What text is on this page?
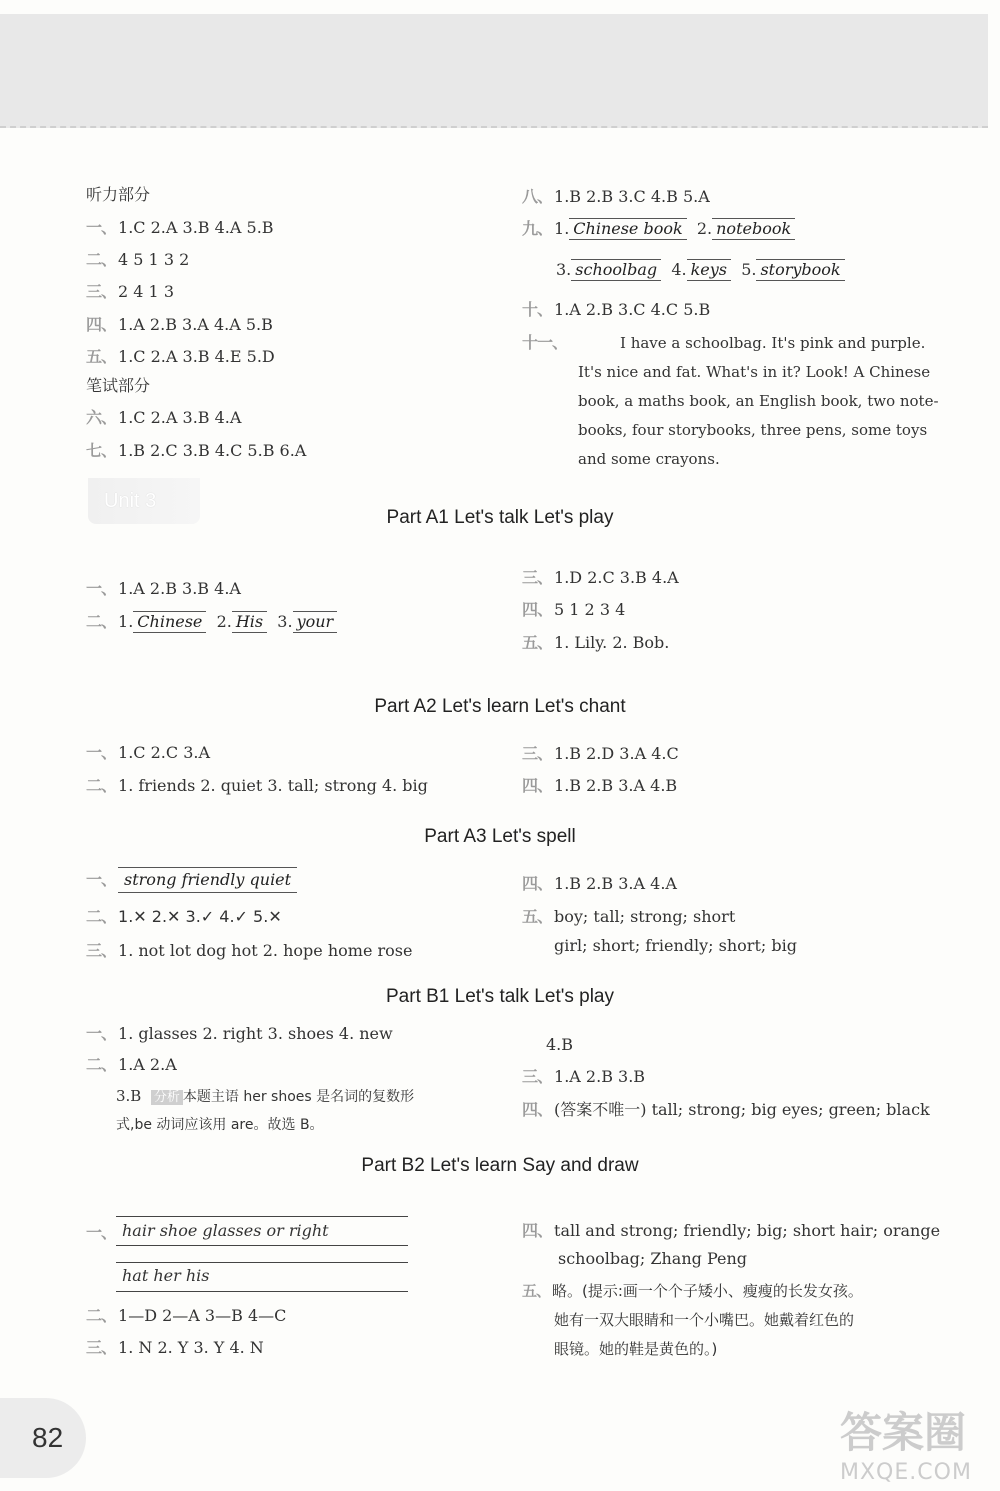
听力部分
一、 1.C 2.A 3.B 4.A 5.B
二、 4 5 1 3 2
三、 2 4 1 3
四、 1.A 2.B 3.A 4.A 5.B
五、 1.C 2.A 3.B 4.E 5.D
笔试部分
六、 1.C 2.A 3.B 4.A
七、 1.B 2.C 3.B 4.C 5.B 6.A
八、 1.B 2.B 3.C 4.B 5.A
九、 1. Chinese book 2. notebook
3. schoolbag 4. keys 5. storybook
十、 1.A 2.B 3.C 4.C 5.B
十一、	I have a schoolbag. It's pink and purple.
It's nice and fat. What's in it? Look! A Chinese
book, a maths book, an English book, two note-
books, four storybooks, three pens, some toys
and some crayons.
Unit 3
Part A1 Let's talk Let's play
一、 1.A 2.B 3.B 4.A
二、 1. Chinese 2. His 3. your
三、 1.D 2.C 3.B 4.A
四、 5 1 2 3 4
五、 1. Lily. 2. Bob.
Part A2 Let's learn Let's chant
一、 1.C 2.C 3.A
二、 1. friends 2. quiet 3. tall; strong 4. big
三、 1.B 2.D 3.A 4.C
四、 1.B 2.B 3.A 4.B
Part A3 Let's spell
一、 strong friendly quiet
二、 1.✕ 2.✕ 3.✓ 4.✓ 5.✕
三、 1. not lot dog hot 2. hope home rose
四、 1.B 2.B 3.A 4.A
五、 boy; tall; strong; short
girl; short; friendly; short; big
Part B1 Let's talk Let's play
一、 1. glasses 2. right 3. shoes 4. new
二、 1.A 2.A
3.B 分析 本题主语 her shoes 是名词的复数形
式,be 动词应该用 are。故选 B。
4.B
三、 1.A 2.B 3.B
四、 (答案不唯一) tall; strong; big eyes; green; black
Part B2 Let's learn Say and draw
一、 hair shoe glasses or right
hat her his
二、 1—D 2—A 3—B 4—C
三、 1. N 2. Y 3. Y 4. N
四、 tall and strong; friendly; big; short hair; orange
schoolbag; Zhang Peng
五、 略。(提示:画一个个子矮小、瘦瘦的长发女孩。
她有一双大眼睛和一个小嘴巴。她戴着红色的
眼镜。她的鞋是黄色的。)
82	答案圈
MXQE.COM
